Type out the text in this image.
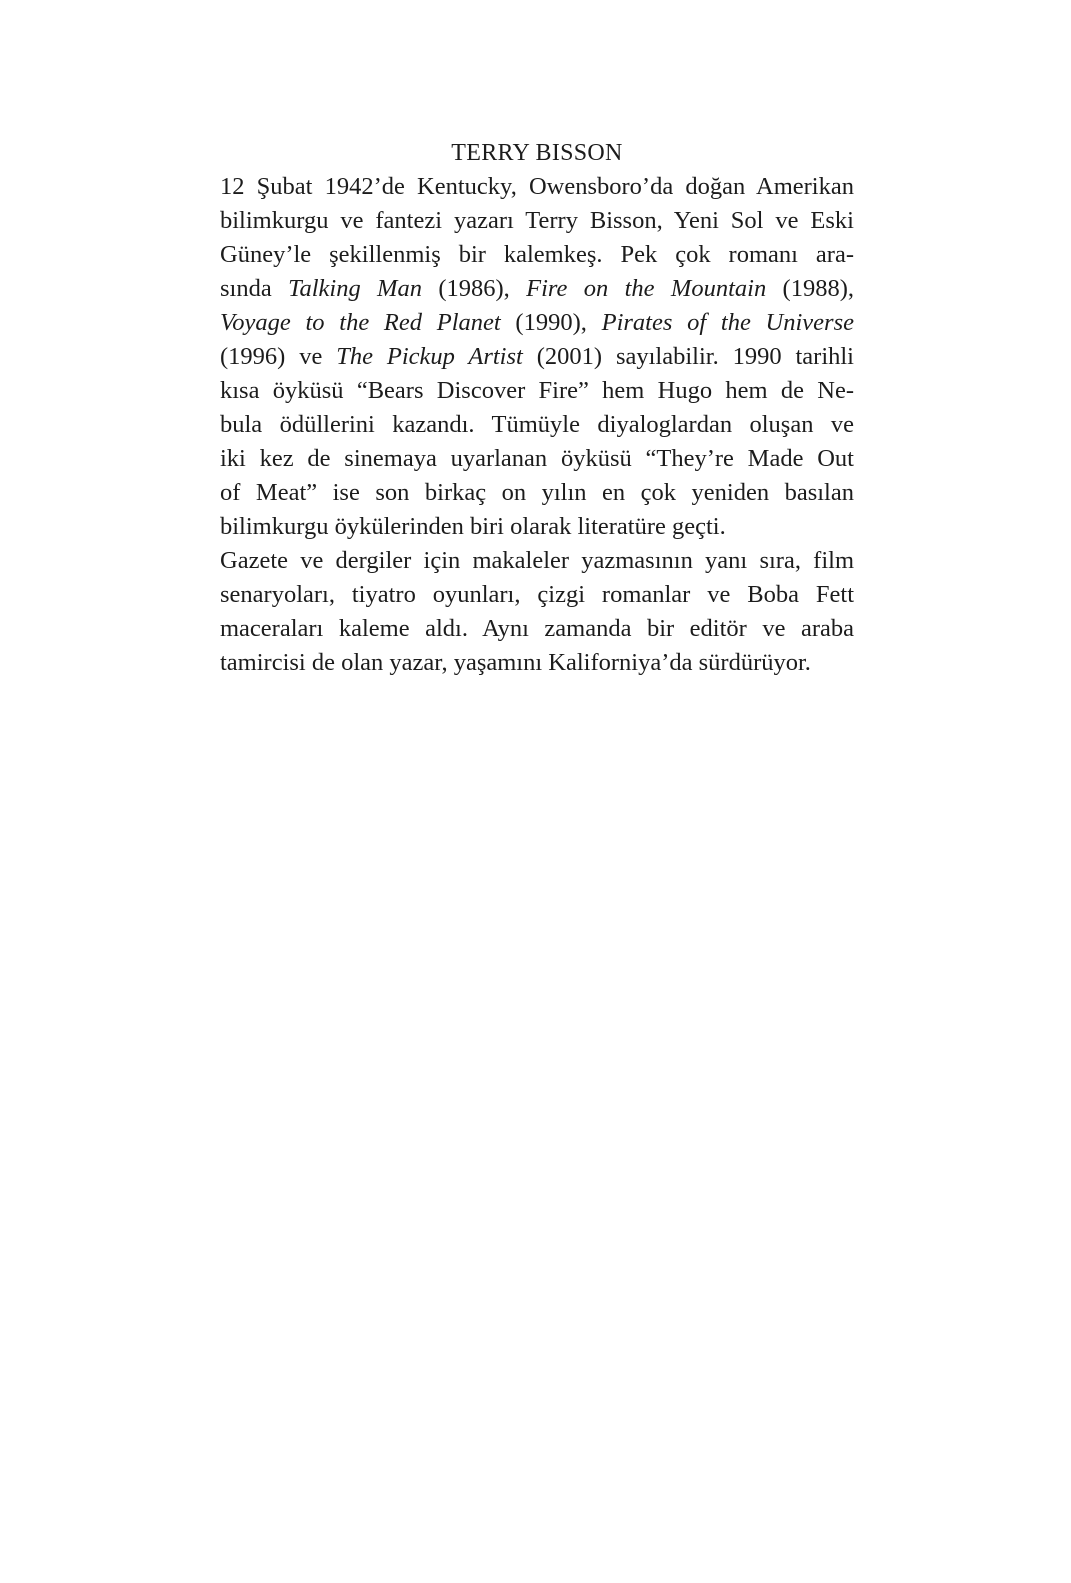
TERRY BISSON
12 Şubat 1942’de Kentucky, Owensboro’da doğan Amerikan
bilimkurgu ve fantezi yazarı Terry Bisson, Yeni Sol ve Eski
Güney’le şekillenmiş bir kalemkeş. Pek çok romanı ara-
sında Talking Man (1986), Fire on the Mountain (1988),
Voyage to the Red Planet (1990), Pirates of the Universe
(1996) ve The Pickup Artist (2001) sayılabilir. 1990 tarihli
kısa öyküsü “Bears Discover Fire” hem Hugo hem de Ne-
bula ödüllerini kazandı. Tümüyle diyaloglardan oluşan ve
iki kez de sinemaya uyarlanan öyküsü “They’re Made Out
of Meat” ise son birkaç on yılın en çok yeniden basılan
bilimkurgu öykülerinden biri olarak literatüre geçti.
Gazete ve dergiler için makaleler yazmasının yanı sıra, film
senaryoları, tiyatro oyunları, çizgi romanlar ve Boba Fett
maceraları kaleme aldı. Aynı zamanda bir editör ve araba
tamircisi de olan yazar, yaşamını Kaliforniya’da sürdürüyor.
